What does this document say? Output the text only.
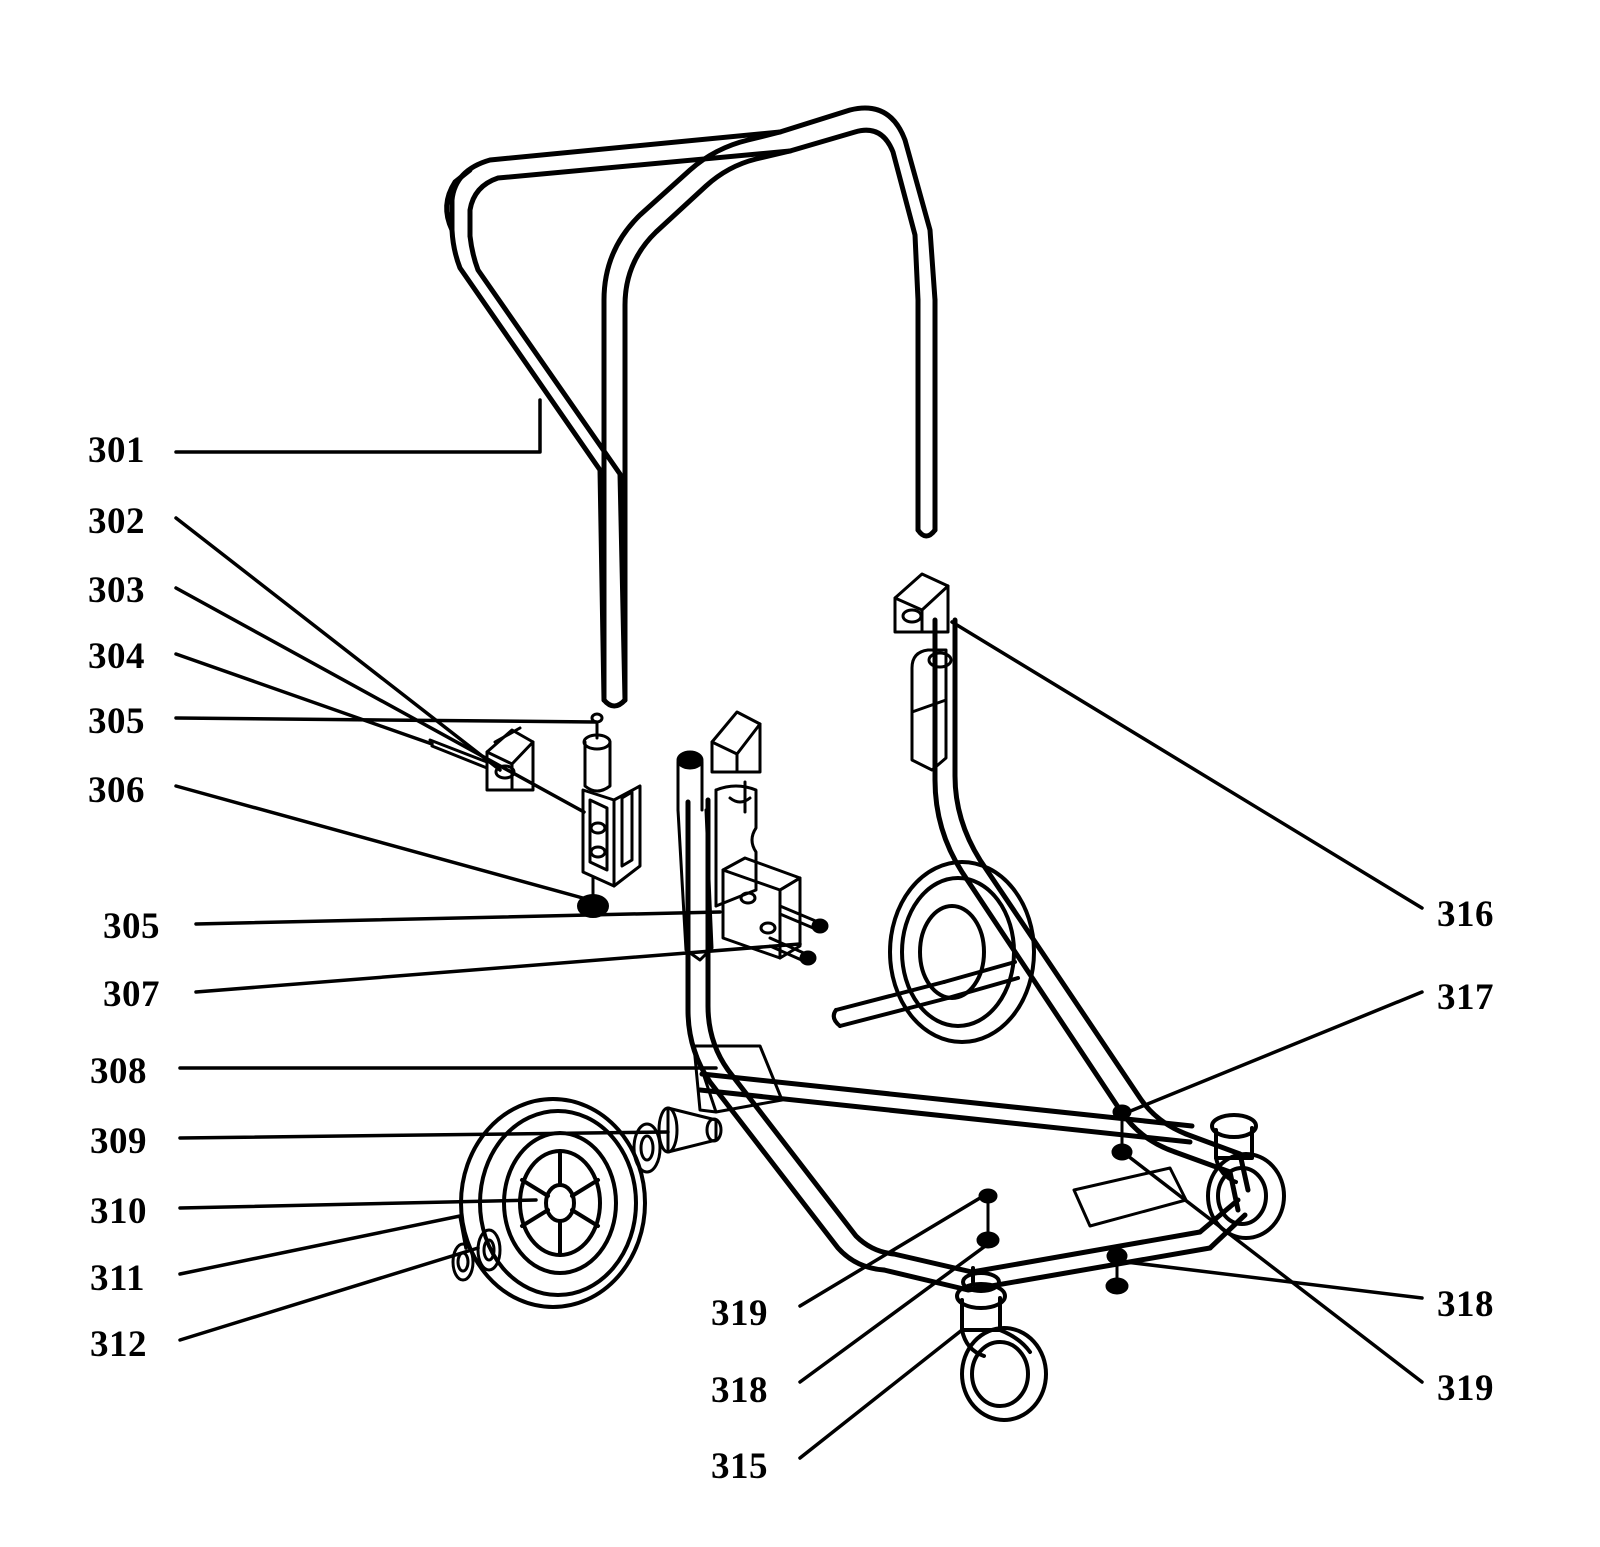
301
302
303
304
305
306
305
307
308
309
310
311
312
316
317
318
319
319
318
315
